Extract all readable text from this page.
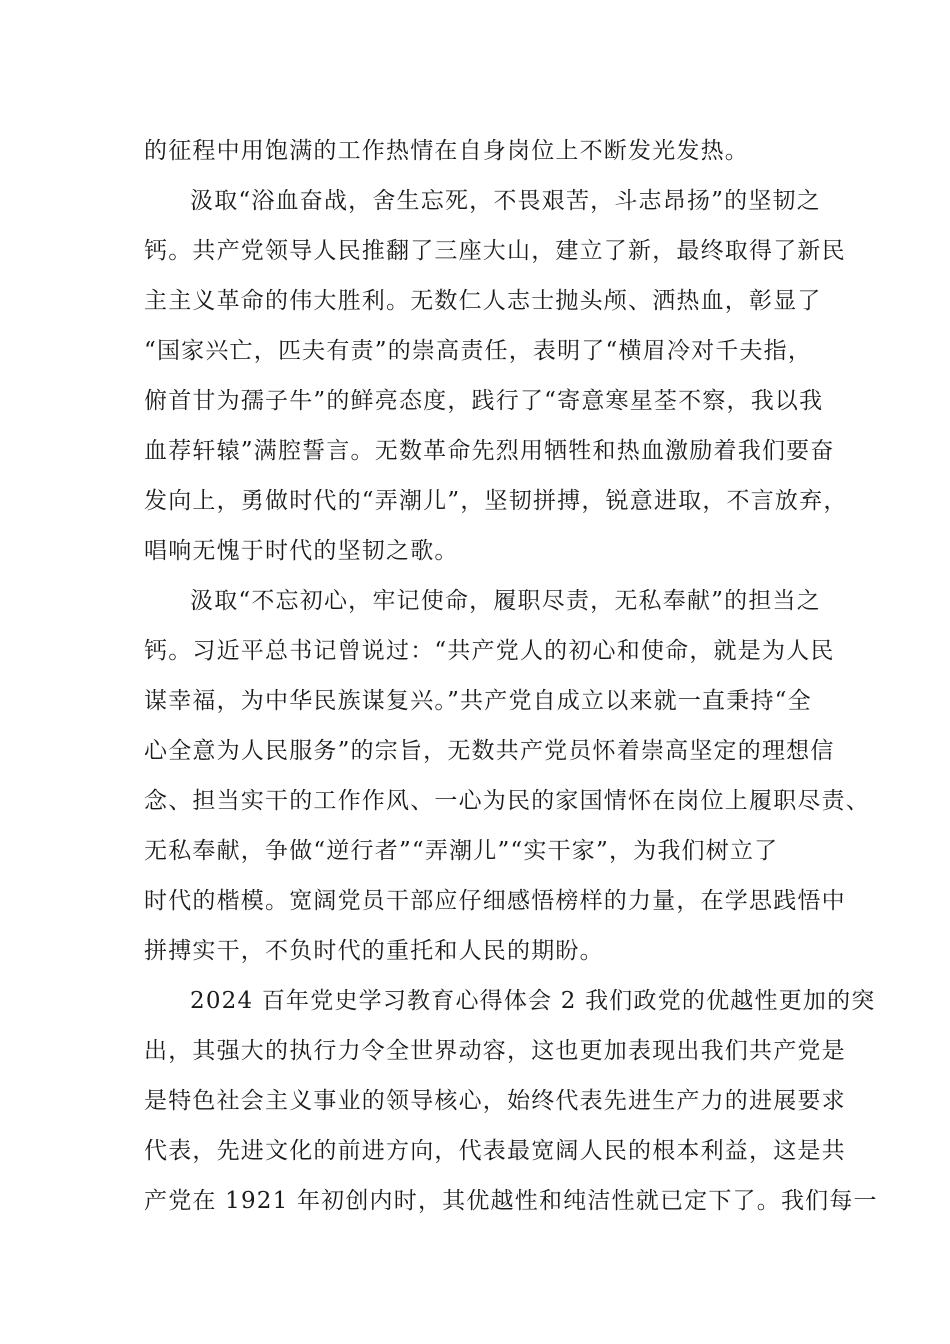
的征程中用饱满的工作热情在自身岗位上不断发光发热。
汲取“浴血奋战，舍生忘死，不畏艰苦，斗志昂扬”的坚韧之
钙。共产党领导人民推翻了三座大山，建立了新，最终取得了新民
主主义革命的伟大胜利。无数仁人志士抛头颅、洒热血，彰显了
“国家兴亡，匹夫有责”的崇高责任，表明了“横眉冷对千夫指，
俯首甘为孺子牛”的鲜亮态度，践行了“寄意寒星荃不察，我以我
血荐轩辕”满腔誓言。无数革命先烈用牺牲和热血激励着我们要奋
发向上，勇做时代的“弄潮儿”，坚韧拼搏，锐意进取，不言放弃，
唱响无愧于时代的坚韧之歌。
汲取“不忘初心，牢记使命，履职尽责，无私奉献”的担当之
钙。习近平总书记曾说过：“共产党人的初心和使命，就是为人民
谋幸福，为中华民族谋复兴。”共产党自成立以来就一直秉持“全
心全意为人民服务”的宗旨，无数共产党员怀着崇高坚定的理想信
念、担当实干的工作作风、一心为民的家国情怀在岗位上履职尽责、
无私奉献，争做“逆行者”“弄潮儿”“实干家”，为我们树立了
时代的楷模。宽阔党员干部应仔细感悟榜样的力量，在学思践悟中
拼搏实干，不负时代的重托和人民的期盼。
2024 百年党史学习教育心得体会 2 我们政党的优越性更加的突
出，其强大的执行力令全世界动容，这也更加表现出我们共产党是
是特色社会主义事业的领导核心，始终代表先进生产力的进展要求
代表，先进文化的前进方向，代表最宽阔人民的根本利益，这是共
产党在 1921 年初创内时，其优越性和纯洁性就已定下了。我们每一
